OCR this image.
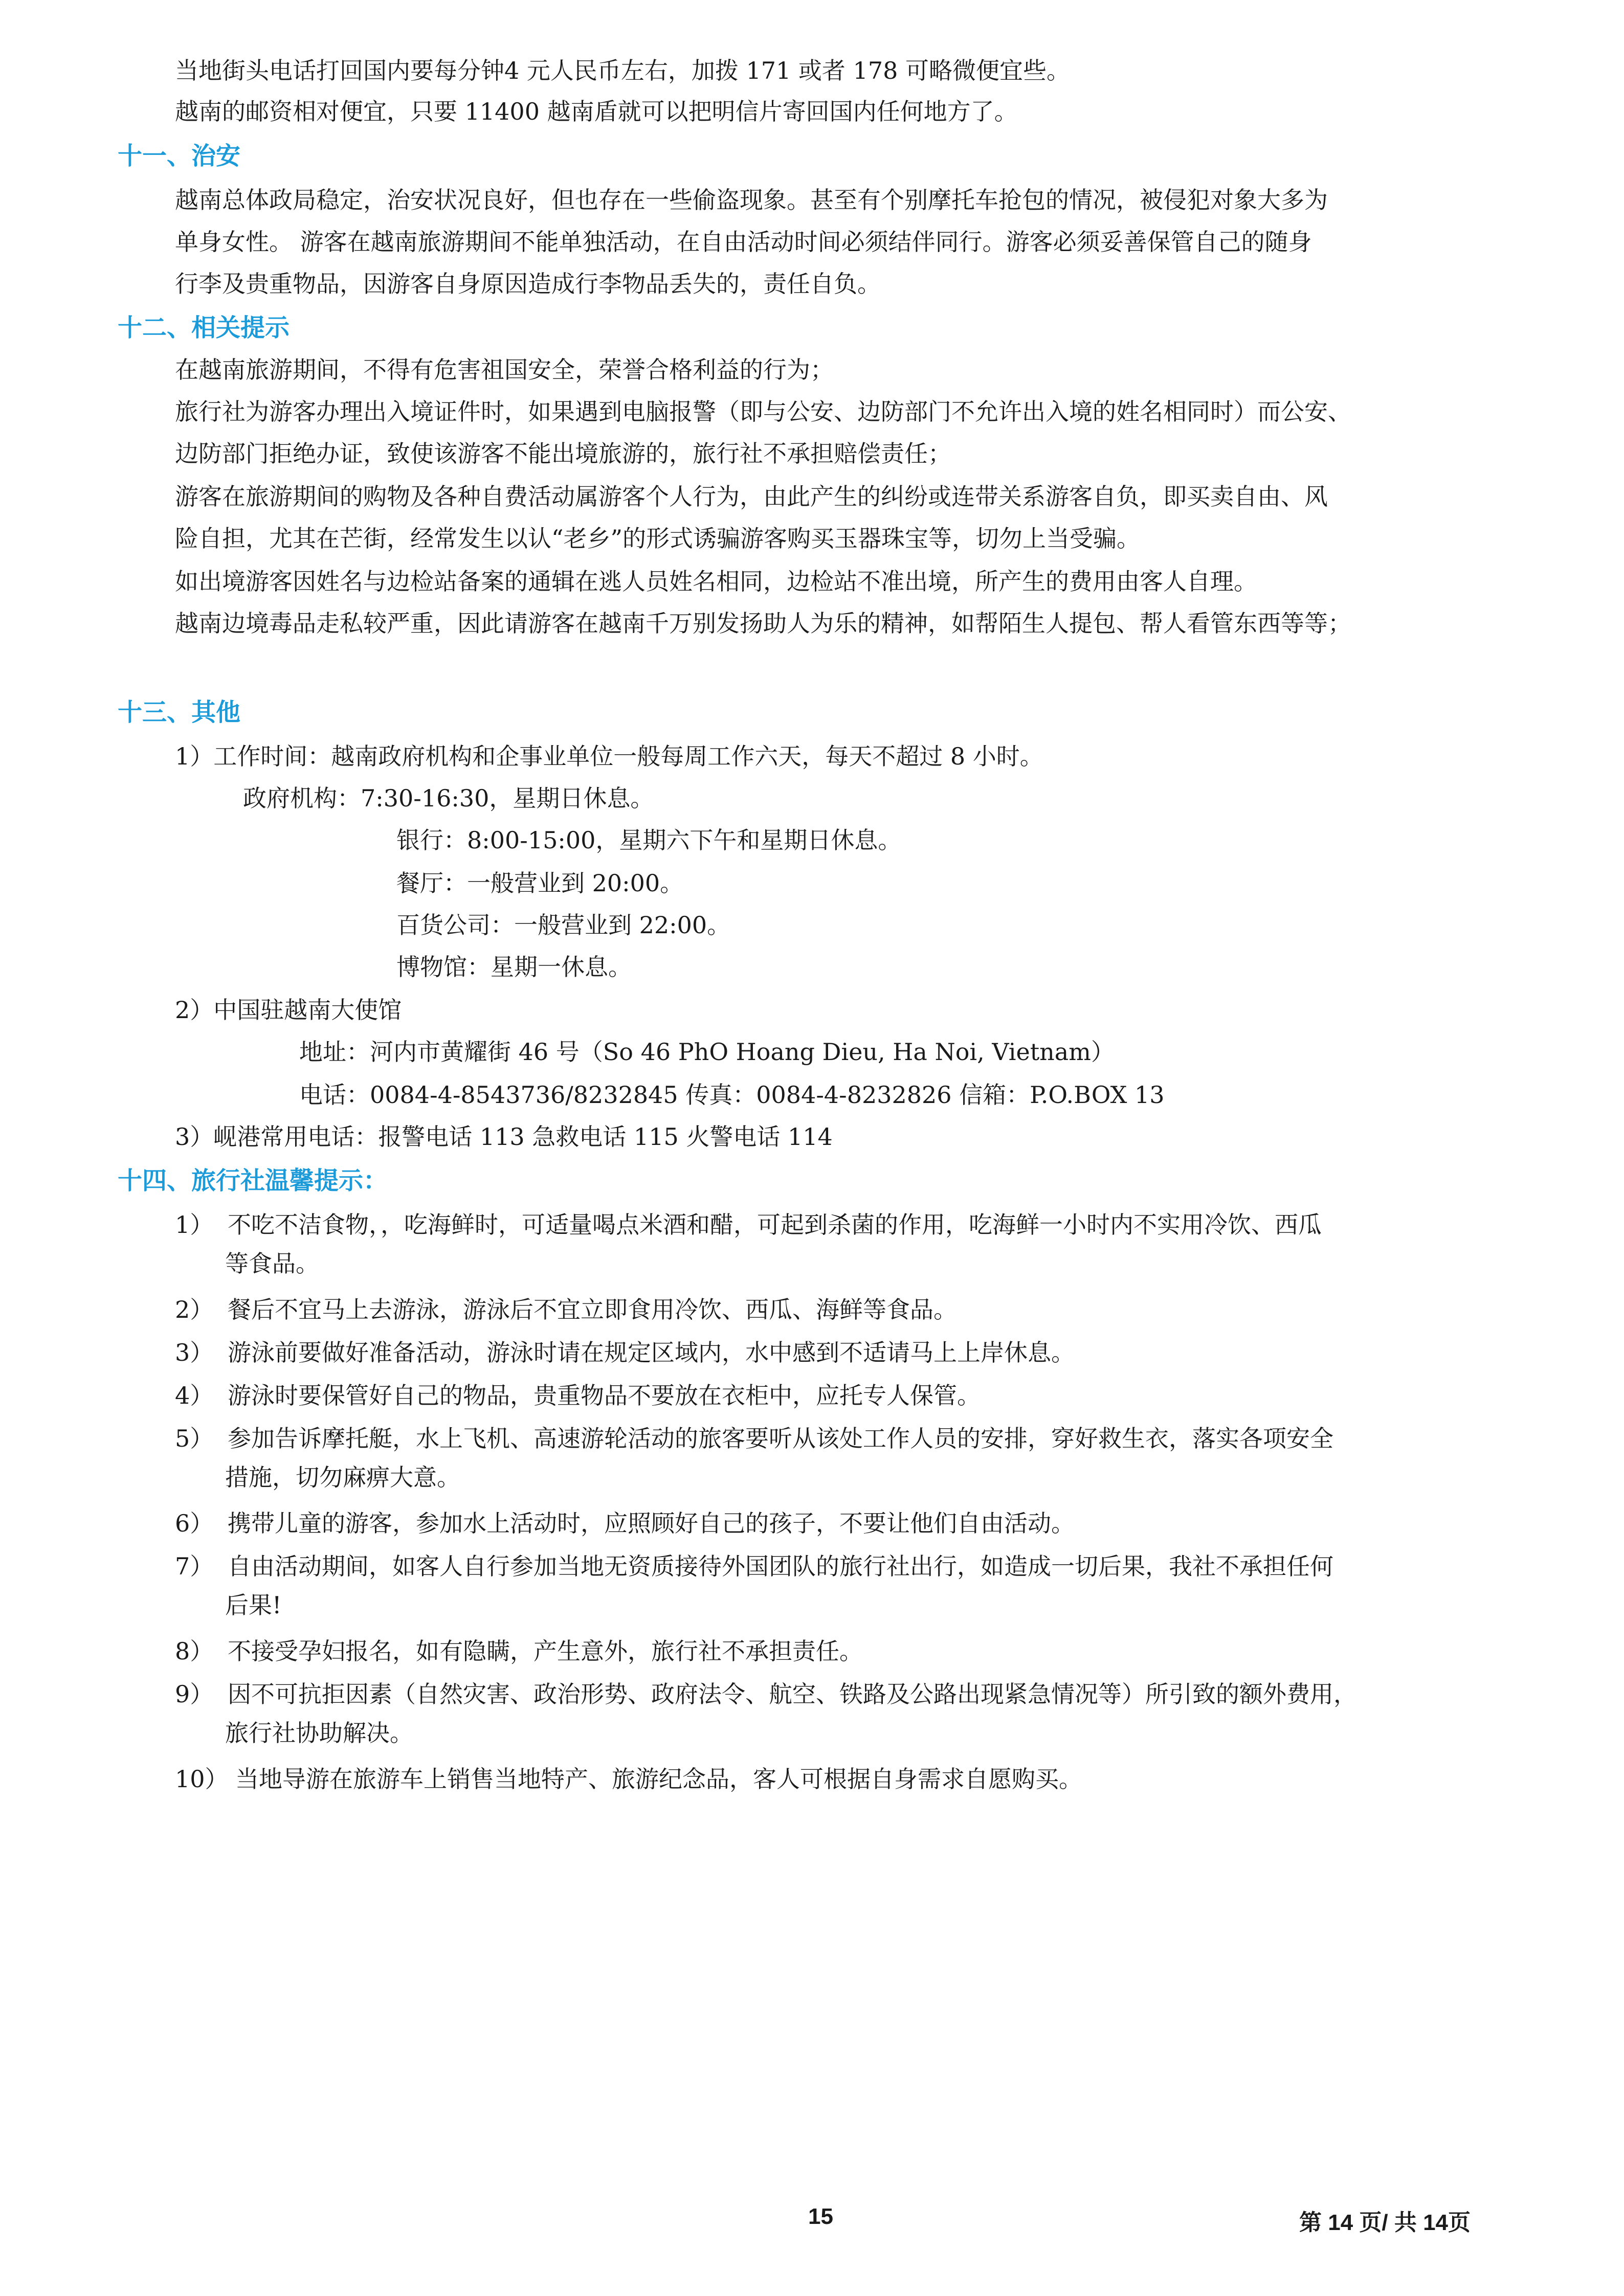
当地街头电话打回国内要每分钟4 元人民币左右，加拨 171 或者 178 可略微便宜些。
越南的邮资相对便宜，只要 11400 越南盾就可以把明信片寄回国内任何地方了。
十一、治安
越南总体政局稳定，治安状况良好，但也存在一些偷盗现象。甚至有个别摩托车抢包的情况，被侵犯对象大多为
单身女性。 游客在越南旅游期间不能单独活动，在自由活动时间必须结伴同行。游客必须妥善保管自己的随身
行李及贵重物品，因游客自身原因造成行李物品丢失的，责任自负。
十二、相关提示
在越南旅游期间，不得有危害祖国安全，荣誉合格利益的行为；
旅行社为游客办理出入境证件时，如果遇到电脑报警（即与公安、边防部门不允许出入境的姓名相同时）而公安、
边防部门拒绝办证，致使该游客不能出境旅游的，旅行社不承担赔偿责任；
游客在旅游期间的购物及各种自费活动属游客个人行为，由此产生的纠纷或连带关系游客自负，即买卖自由、风
险自担，尤其在芒街，经常发生以认“老乡”的形式诱骗游客购买玉器珠宝等，切勿上当受骗。
如出境游客因姓名与边检站备案的通辑在逃人员姓名相同，边检站不准出境，所产生的费用由客人自理。
越南边境毒品走私较严重，因此请游客在越南千万别发扬助人为乐的精神，如帮陌生人提包、帮人看管东西等等；
十三、其他
1）工作时间：越南政府机构和企事业单位一般每周工作六天，每天不超过 8 小时。
政府机构：7:30-16:30，星期日休息。
银行：8:00-15:00，星期六下午和星期日休息。
餐厅：一般营业到 20:00。
百货公司：一般营业到 22:00。
博物馆：星期一休息。
2）中国驻越南大使馆
地址：河内市黄耀街 46 号（So 46 PhO Hoang Dieu, Ha Noi, Vietnam）
电话：0084-4-8543736/8232845 传真：0084-4-8232826 信箱：P.O.BOX 13
3）岘港常用电话：报警电话 113 急救电话 115 火警电话 114
十四、旅行社温馨提示：
1） 不吃不洁食物，，吃海鲜时，可适量喝点米酒和醋，可起到杀菌的作用，吃海鲜一小时内不实用冷饮、西瓜
等食品。
2） 餐后不宜马上去游泳，游泳后不宜立即食用冷饮、西瓜、海鲜等食品。
3） 游泳前要做好准备活动，游泳时请在规定区域内，水中感到不适请马上上岸休息。
4） 游泳时要保管好自己的物品，贵重物品不要放在衣柜中，应托专人保管。
5） 参加告诉摩托艇，水上飞机、高速游轮活动的旅客要听从该处工作人员的安排，穿好救生衣，落实各项安全
措施，切勿麻痹大意。
6） 携带儿童的游客，参加水上活动时，应照顾好自己的孩子，不要让他们自由活动。
7） 自由活动期间，如客人自行参加当地无资质接待外国团队的旅行社出行，如造成一切后果，我社不承担任何
后果!
8） 不接受孕妇报名，如有隐瞒，产生意外，旅行社不承担责任。
9） 因不可抗拒因素（自然灾害、政治形势、政府法令、航空、铁路及公路出现紧急情况等）所引致的额外费用，
旅行社协助解决。
10） 当地导游在旅游车上销售当地特产、旅游纪念品，客人可根据自身需求自愿购买。
15	第 14 页/ 共 14页
